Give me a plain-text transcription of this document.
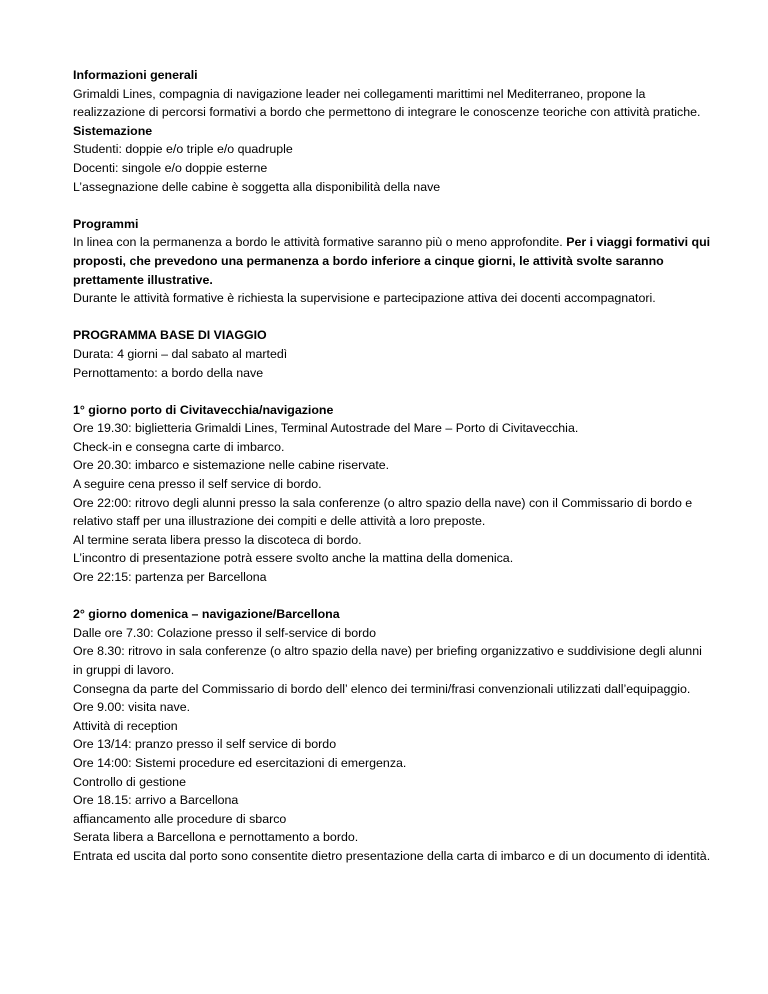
Informazioni generali
Grimaldi Lines, compagnia di navigazione leader nei collegamenti marittimi nel Mediterraneo, propone la realizzazione di percorsi formativi a bordo che permettono di integrare le conoscenze teoriche con attività pratiche.
Sistemazione
Studenti: doppie e/o triple e/o quadruple
Docenti: singole e/o doppie esterne
L’assegnazione delle cabine è soggetta alla disponibilità della nave
Programmi
In linea con la permanenza a bordo le attività formative saranno più o meno approfondite. Per i viaggi formativi qui proposti, che prevedono una permanenza a bordo inferiore a cinque giorni, le attività svolte saranno prettamente illustrative.
Durante le attività formative è richiesta la supervisione e partecipazione attiva dei docenti accompagnatori.
PROGRAMMA BASE DI VIAGGIO
Durata: 4 giorni – dal sabato al martedì
Pernottamento: a bordo della nave
1° giorno porto di Civitavecchia/navigazione
Ore 19.30: biglietteria Grimaldi Lines, Terminal Autostrade del Mare – Porto di Civitavecchia.
Check-in e consegna carte di imbarco.
Ore 20.30: imbarco e sistemazione nelle cabine riservate.
A seguire cena presso il self service di bordo.
Ore 22:00: ritrovo degli alunni presso la sala conferenze (o altro spazio della nave) con il Commissario di bordo e relativo staff per una illustrazione dei compiti e delle attività a loro preposte.
Al termine serata libera presso la discoteca di bordo.
L’incontro di presentazione potrà essere svolto anche la mattina della domenica.
Ore 22:15: partenza per Barcellona
2° giorno domenica – navigazione/Barcellona
Dalle ore 7.30: Colazione presso il self-service di bordo
Ore 8.30: ritrovo in sala conferenze (o altro spazio della nave) per briefing organizzativo e suddivisione degli alunni in gruppi di lavoro.
Consegna da parte del Commissario di bordo dell’ elenco dei termini/frasi convenzionali utilizzati dall’equipaggio.
Ore 9.00: visita nave.
Attività di reception
Ore 13/14: pranzo presso il self service di bordo
Ore 14:00: Sistemi procedure ed esercitazioni di emergenza.
Controllo di gestione
Ore 18.15: arrivo a Barcellona
affiancamento alle procedure di sbarco
Serata libera a Barcellona e pernottamento a bordo.
Entrata ed uscita dal porto sono consentite dietro presentazione della carta di imbarco e di un documento di identità.
